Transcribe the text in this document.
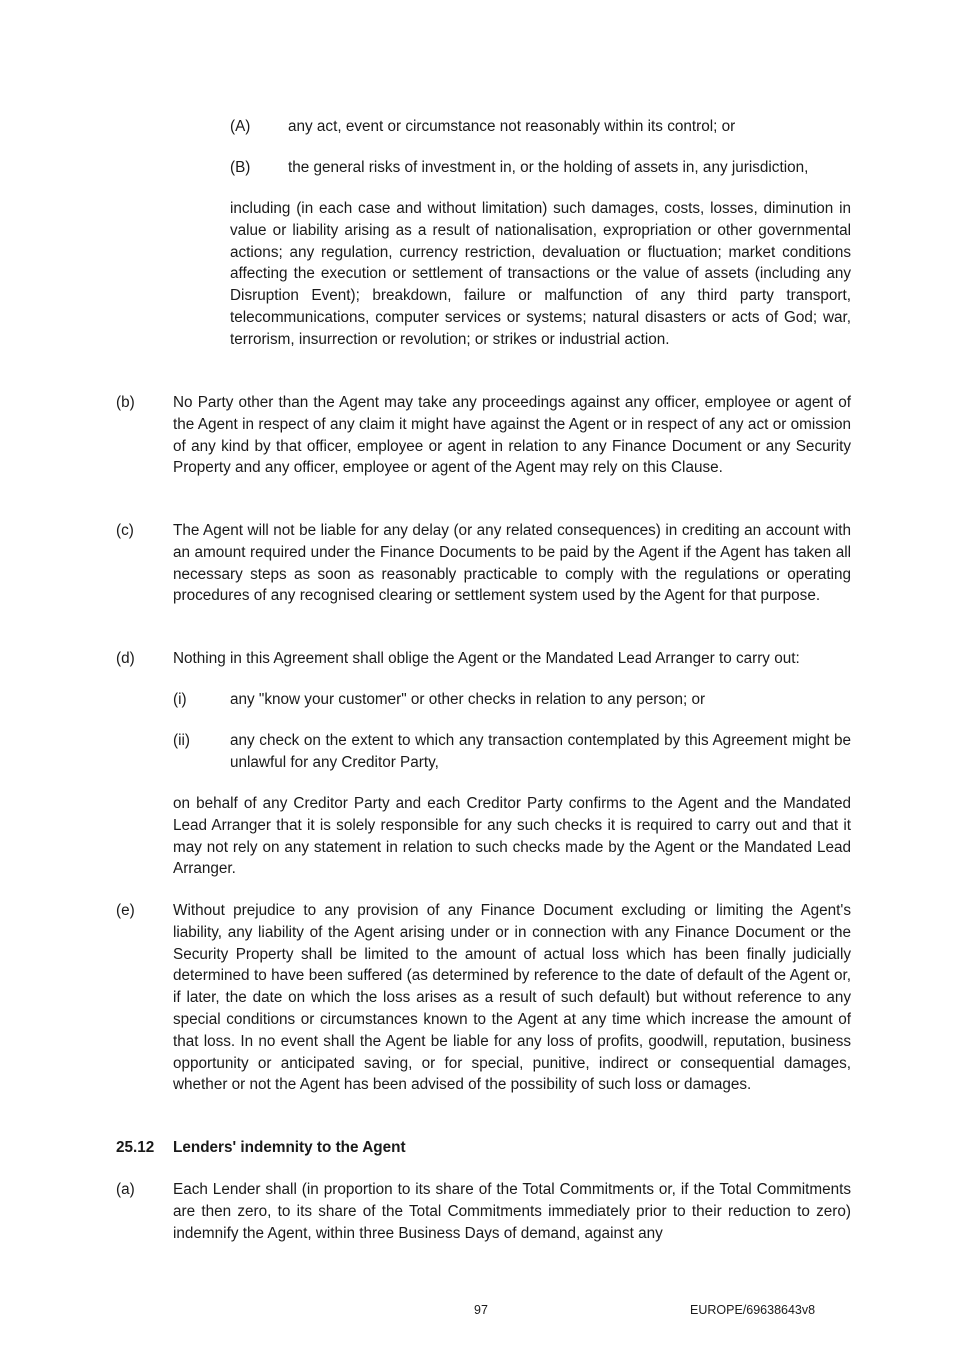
(A) any act, event or circumstance not reasonably within its control; or
(B) the general risks of investment in, or the holding of assets in, any jurisdiction,
including (in each case and without limitation) such damages, costs, losses, diminution in value or liability arising as a result of nationalisation, expropriation or other governmental actions; any regulation, currency restriction, devaluation or fluctuation; market conditions affecting the execution or settlement of transactions or the value of assets (including any Disruption Event); breakdown, failure or malfunction of any third party transport, telecommunications, computer services or systems; natural disasters or acts of God; war, terrorism, insurrection or revolution; or strikes or industrial action.
(b)	No Party other than the Agent may take any proceedings against any officer, employee or agent of the Agent in respect of any claim it might have against the Agent or in respect of any act or omission of any kind by that officer, employee or agent in relation to any Finance Document or any Security Property and any officer, employee or agent of the Agent may rely on this Clause.
(c)	The Agent will not be liable for any delay (or any related consequences) in crediting an account with an amount required under the Finance Documents to be paid by the Agent if the Agent has taken all necessary steps as soon as reasonably practicable to comply with the regulations or operating procedures of any recognised clearing or settlement system used by the Agent for that purpose.
(d)	Nothing in this Agreement shall oblige the Agent or the Mandated Lead Arranger to carry out:
(i)	any "know your customer" or other checks in relation to any person; or
(ii)	any check on the extent to which any transaction contemplated by this Agreement might be unlawful for any Creditor Party,
on behalf of any Creditor Party and each Creditor Party confirms to the Agent and the Mandated Lead Arranger that it is solely responsible for any such checks it is required to carry out and that it may not rely on any statement in relation to such checks made by the Agent or the Mandated Lead Arranger.
(e)	Without prejudice to any provision of any Finance Document excluding or limiting the Agent's liability, any liability of the Agent arising under or in connection with any Finance Document or the Security Property shall be limited to the amount of actual loss which has been finally judicially determined to have been suffered (as determined by reference to the date of default of the Agent or, if later, the date on which the loss arises as a result of such default) but without reference to any special conditions or circumstances known to the Agent at any time which increase the amount of that loss. In no event shall the Agent be liable for any loss of profits, goodwill, reputation, business opportunity or anticipated saving, or for special, punitive, indirect or consequential damages, whether or not the Agent has been advised of the possibility of such loss or damages.
25.12 Lenders' indemnity to the Agent
(a)	Each Lender shall (in proportion to its share of the Total Commitments or, if the Total Commitments are then zero, to its share of the Total Commitments immediately prior to their reduction to zero) indemnify the Agent, within three Business Days of demand, against any
97	EUROPE/69638643v8
